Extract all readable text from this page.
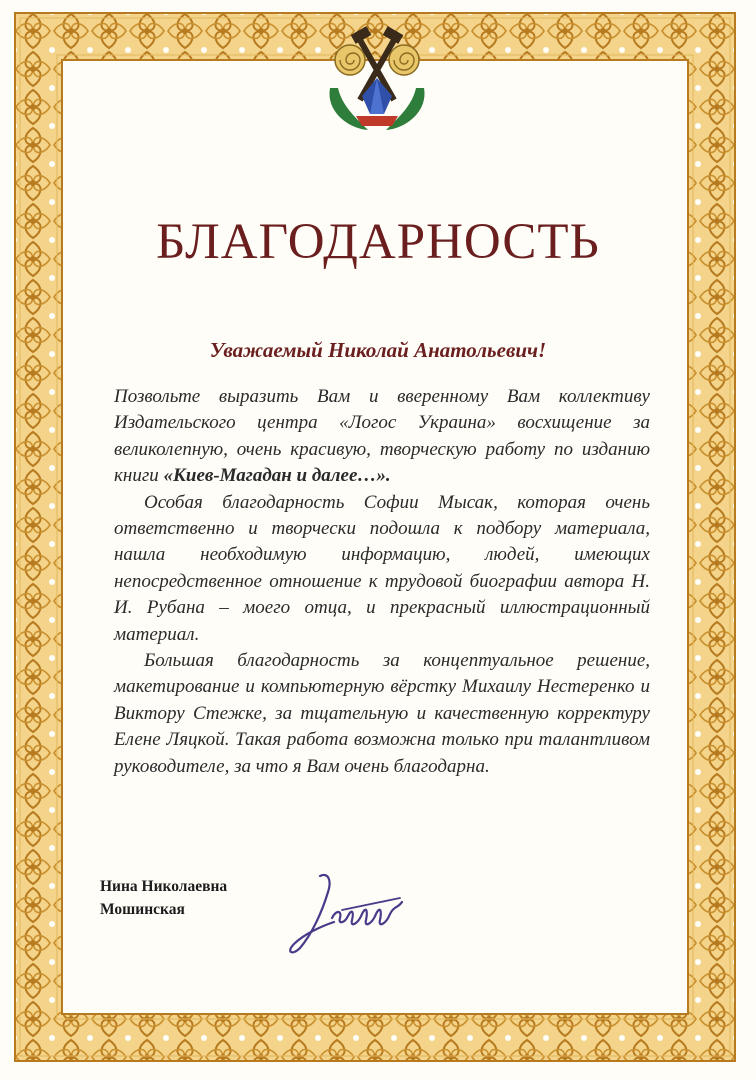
БЛАГОДАРНОСТЬ
Уважаемый Николай Анатольевич!

Позвольте выразить Вам и вверенному Вам коллективу Издательского центра «Логос Украина» восхищение за великолепную, очень красивую, творческую работу по изданию книги «Киев-Магадан и далее…».

Особая благодарность Софии Мысак, которая очень ответственно и творчески подошла к подбору материала, нашла необходимую информацию, людей, имеющих непосредственное отношение к трудовой биографии автора Н. И. Рубана – моего отца, и прекрасный иллюстрационный материал.

Большая благодарность за концептуальное решение, макетирование и компьютерную вёрстку Михаилу Нестеренко и Виктору Стежке, за тщательную и качественную корректуру Елене Ляцкой. Такая работа возможна только при талантливом руководителе, за что я Вам очень благодарна.

Нина Николаевна
Мошинская
